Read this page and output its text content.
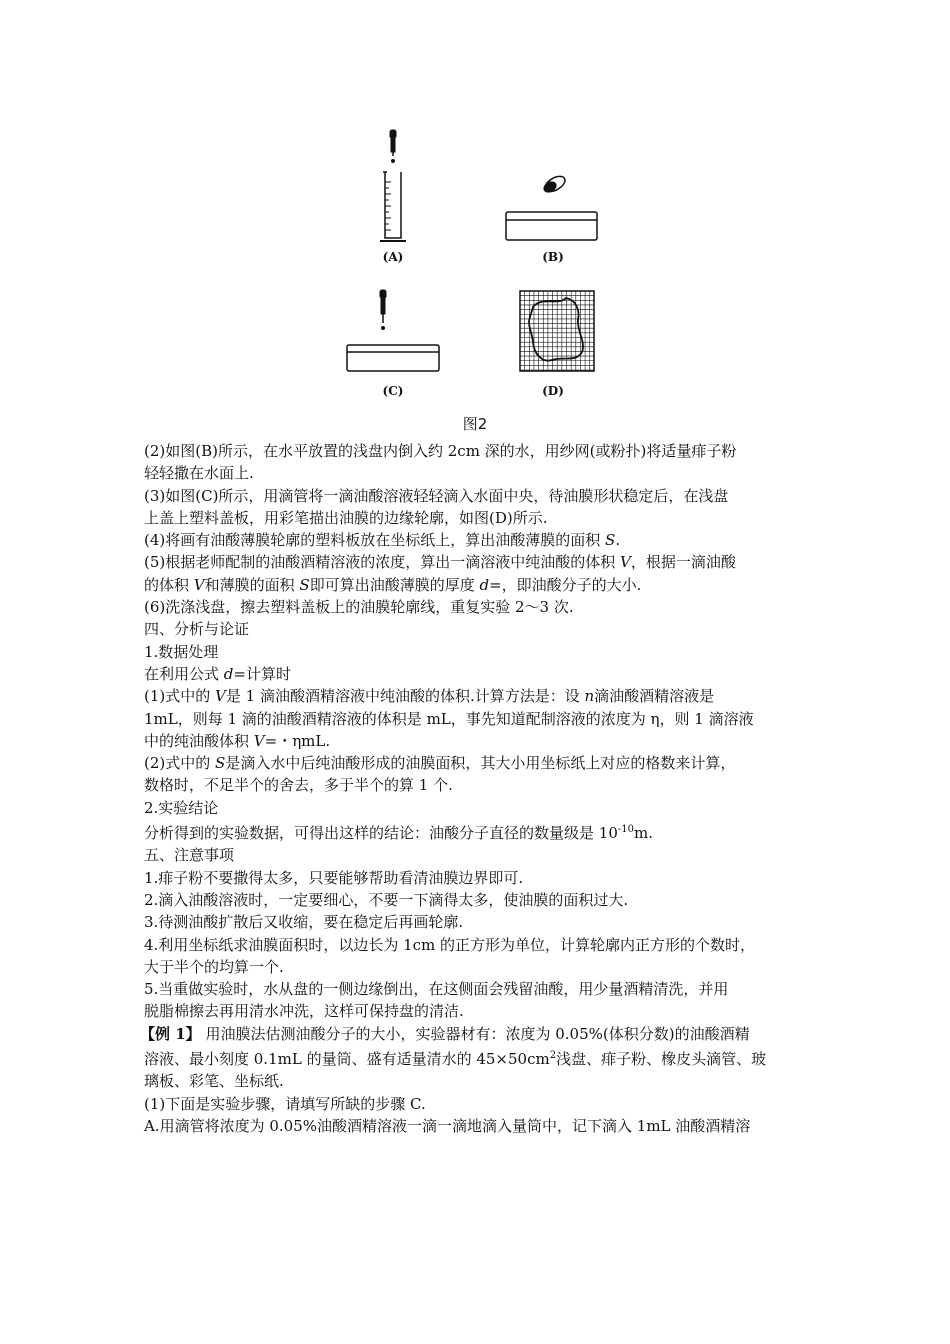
(A)	(B)
(C)	(D)
图2

(2)如图(B)所示，在水平放置的浅盘内倒入约 2cm 深的水，用纱网(或粉扑)将适量痱子粉

轻轻撒在水面上.

(3)如图(C)所示，用滴管将一滴油酸溶液轻轻滴入水面中央，待油膜形状稳定后，在浅盘

上盖上塑料盖板，用彩笔描出油膜的边缘轮廓，如图(D)所示.

(4)将画有油酸薄膜轮廓的塑料板放在坐标纸上，算出油酸薄膜的面积 S.

(5)根据老师配制的油酸酒精溶液的浓度，算出一滴溶液中纯油酸的体积 V，根据一滴油酸

的体积 V和薄膜的面积 S即可算出油酸薄膜的厚度 d=，即油酸分子的大小.

(6)洗涤浅盘，擦去塑料盖板上的油膜轮廓线，重复实验 2～3 次.

四、分析与论证

1.数据处理

在利用公式 d=计算时

(1)式中的 V是 1 滴油酸酒精溶液中纯油酸的体积.计算方法是：设 n滴油酸酒精溶液是

1mL，则每 1 滴的油酸酒精溶液的体积是 mL，事先知道配制溶液的浓度为 η，则 1 滴溶液

中的纯油酸体积 V=・ηmL.

(2)式中的 S是滴入水中后纯油酸形成的油膜面积，其大小用坐标纸上对应的格数来计算，

数格时，不足半个的舍去，多于半个的算 1 个.

2.实验结论

分析得到的实验数据，可得出这样的结论：油酸分子直径的数量级是 $10^{-10}m$.

五、注意事项

1.痱子粉不要撒得太多，只要能够帮助看清油膜边界即可.

2.滴入油酸溶液时，一定要细心，不要一下滴得太多，使油膜的面积过大.

3.待测油酸扩散后又收缩，要在稳定后再画轮廓.

4.利用坐标纸求油膜面积时，以边长为 1cm 的正方形为单位，计算轮廓内正方形的个数时，

大于半个的均算一个.

5.当重做实验时，水从盘的一侧边缘倒出，在这侧面会残留油酸，用少量酒精清洗，并用

脱脂棉擦去再用清水冲洗，这样可保持盘的清洁.

【例 1】 用油膜法估测油酸分子的大小，实验器材有：浓度为 0.05%(体积分数)的油酸酒精

溶液、最小刻度 0.1mL 的量筒、盛有适量清水的 $45\times 50cm^2$浅盘、痱子粉、橡皮头滴管、玻

璃板、彩笔、坐标纸.

(1)下面是实验步骤，请填写所缺的步骤 C.

A.用滴管将浓度为 0.05%油酸酒精溶液一滴一滴地滴入量筒中，记下滴入 1mL 油酸酒精溶
